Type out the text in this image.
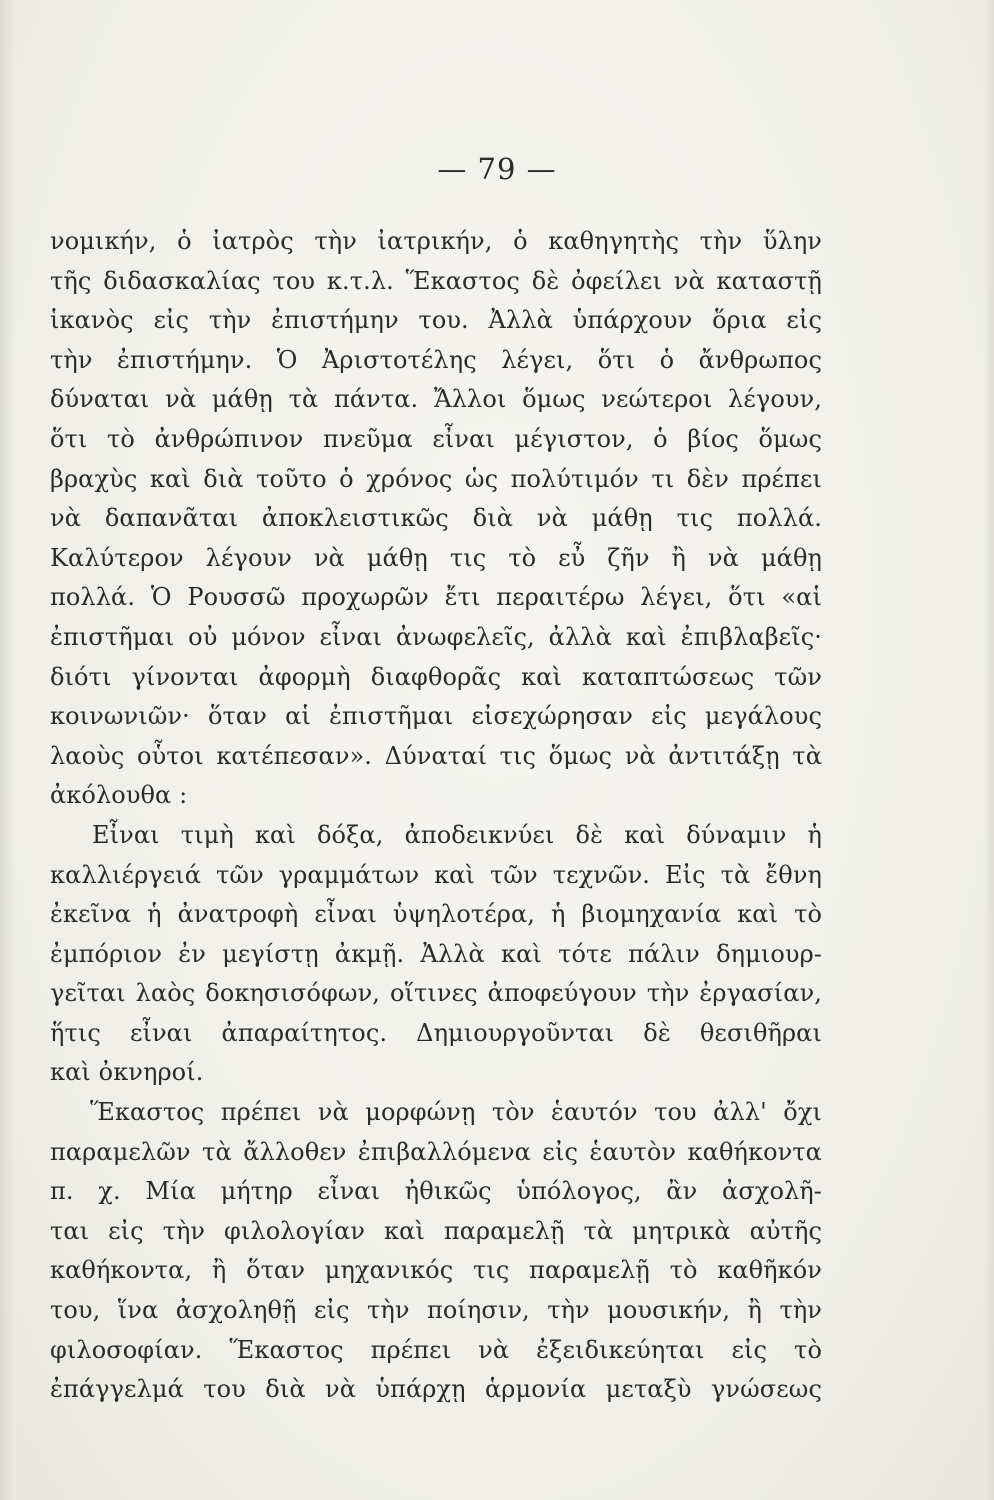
— 79 —
νομικήν, ὁ ἰατρὸς τὴν ἰατρικήν, ὁ καθηγητὴς τὴν ὕλην
τῆς διδασκαλίας του κ.τ.λ. Ἕκαστος δὲ ὀφείλει νὰ καταστῇ
ἱκανὸς εἰς τὴν ἐπιστήμην του. Ἀλλὰ ὑπάρχουν ὅρια εἰς
τὴν ἐπιστήμην. Ὁ Ἀριστοτέλης λέγει, ὅτι ὁ ἄνθρωπος
δύναται νὰ μάθῃ τὰ πάντα. Ἄλλοι ὅμως νεώτεροι λέγουν,
ὅτι τὸ ἀνθρώπινον πνεῦμα εἶναι μέγιστον, ὁ βίος ὅμως
βραχὺς καὶ διὰ τοῦτο ὁ χρόνος ὡς πολύτιμόν τι δὲν πρέπει
νὰ δαπανᾶται ἀποκλειστικῶς διὰ νὰ μάθῃ τις πολλά.
Καλύτερον λέγουν νὰ μάθῃ τις τὸ εὖ ζῆν ἢ νὰ μάθῃ
πολλά. Ὁ Ρουσσῶ προχωρῶν ἔτι περαιτέρω λέγει, ὅτι «αἱ
ἐπιστῆμαι οὐ μόνον εἶναι ἀνωφελεῖς, ἀλλὰ καὶ ἐπιβλαβεῖς·
διότι γίνονται ἀφορμὴ διαφθορᾶς καὶ καταπτώσεως τῶν
κοινωνιῶν· ὅταν αἱ ἐπιστῆμαι εἰσεχώρησαν εἰς μεγάλους
λαοὺς οὗτοι κατέπεσαν». Δύναταί τις ὅμως νὰ ἀντιτάξῃ τὰ
ἀκόλουθα :
Εἶναι τιμὴ καὶ δόξα, ἀποδεικνύει δὲ καὶ δύναμιν ἡ
καλλιέργειά τῶν γραμμάτων καὶ τῶν τεχνῶν. Εἰς τὰ ἔθνη
ἐκεῖνα ἡ ἀνατροφὴ εἶναι ὑψηλοτέρα, ἡ βιομηχανία καὶ τὸ
ἐμπόριον ἐν μεγίστῃ ἀκμῇ. Ἀλλὰ καὶ τότε πάλιν δημιουρ-
γεῖται λαὸς δοκησισόφων, οἵτινες ἀποφεύγουν τὴν ἐργασίαν,
ἥτις εἶναι ἀπαραίτητος. Δημιουργοῦνται δὲ θεσιθῆραι
καὶ ὀκνηροί.
Ἕκαστος πρέπει νὰ μορφώνῃ τὸν ἑαυτόν του ἀλλ' ὄχι
παραμελῶν τὰ ἄλλοθεν ἐπιβαλλόμενα εἰς ἑαυτὸν καθήκοντα
π. χ. Μία μήτηρ εἶναι ἠθικῶς ὑπόλογος, ἂν ἀσχολῆ-
ται εἰς τὴν φιλολογίαν καὶ παραμελῇ τὰ μητρικὰ αὐτῆς
καθήκοντα, ἢ ὅταν μηχανικός τις παραμελῇ τὸ καθῆκόν
του, ἵνα ἀσχοληθῇ εἰς τὴν ποίησιν, τὴν μουσικήν, ἢ τὴν
φιλοσοφίαν. Ἕκαστος πρέπει νὰ ἐξειδικεύηται εἰς τὸ
ἐπάγγελμά του διὰ νὰ ὑπάρχῃ ἁρμονία μεταξὺ γνώσεως
